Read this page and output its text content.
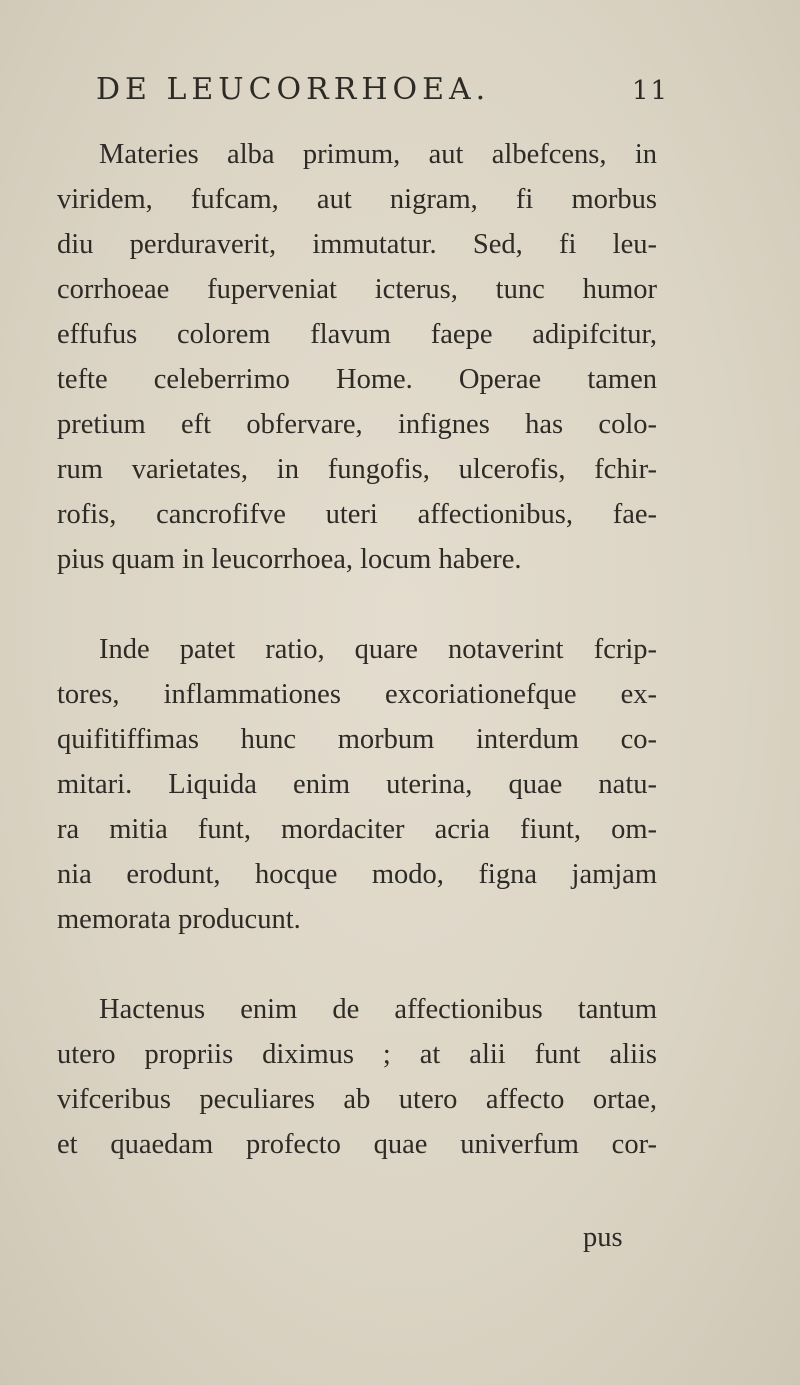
DE LEUCORRHOEA.	11
Materies alba primum, aut albefcens, in
viridem, fufcam, aut nigram, fi morbus
diu perduraverit, immutatur. Sed, fi leu-
corrhoeae fuperveniat icterus, tunc humor
effufus colorem flavum faepe adipifcitur,
tefte celeberrimo Home. Operae tamen
pretium eft obfervare, infignes has colo-
rum varietates, in fungofis, ulcerofis, fchir-
rofis, cancrofifve uteri affectionibus, fae-
pius quam in leucorrhoea, locum habere.
Inde patet ratio, quare notaverint fcrip-
tores, inflammationes excoriationefque ex-
quifitiffimas hunc morbum interdum co-
mitari. Liquida enim uterina, quae natu-
ra mitia funt, mordaciter acria fiunt, om-
nia erodunt, hocque modo, figna jamjam
memorata producunt.
Hactenus enim de affectionibus tantum
utero propriis diximus ; at alii funt aliis
vifceribus peculiares ab utero affecto ortae,
et quaedam profecto quae univerfum cor-
pus
